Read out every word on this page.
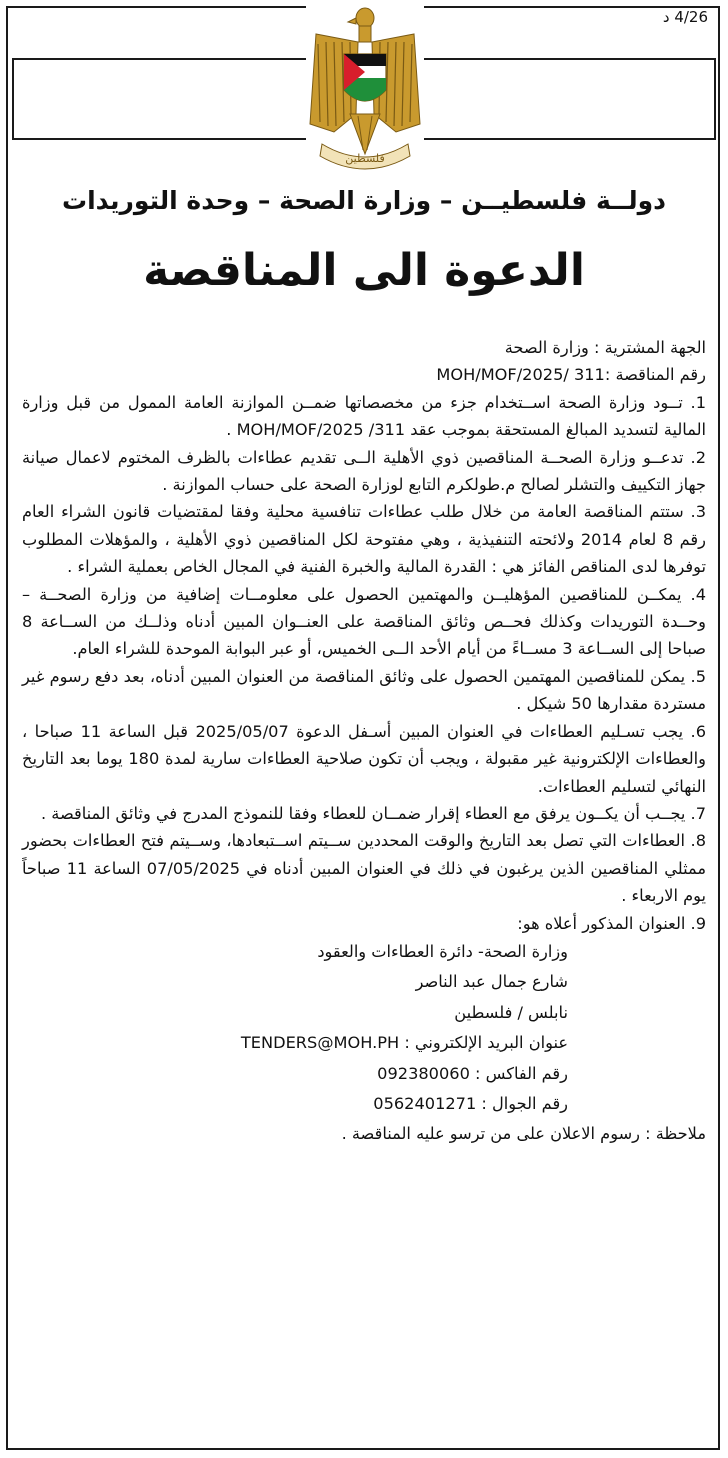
4/26 د
فلسطين
دولــة فلسطيــن – وزارة الصحة – وحدة التوريدات
الدعوة الى المناقصة

الجهة المشترية : وزارة الصحة

رقم المناقصة :MOH/MOF/2025/ 311

1. تــود وزارة الصحة اســتخدام جزء من مخصصاتها ضمــن الموازنة العامة الممول من قبل وزارة المالية لتسديد المبالغ المستحقة بموجب عقد 311/ MOH/MOF/2025 .

2. تدعــو وزارة الصحــة المناقصين ذوي الأهلية الــى تقديم عطاءات بالظرف المختوم لاعمال صيانة جهاز التكييف والتشلر لصالح م.طولكرم التابع لوزارة الصحة على حساب الموازنة .

3. ستتم المناقصة العامة من خلال طلب عطاءات تنافسية محلية وفقا لمقتضيات قانون الشراء العام رقم 8 لعام 2014 ولائحته التنفيذية ، وهي مفتوحة لكل المناقصين ذوي الأهلية ، والمؤهلات المطلوب توفرها لدى المناقص الفائز هي : القدرة المالية والخبرة الفنية في المجال الخاص بعملية الشراء .

4. يمكــن للمناقصين المؤهليــن والمهتمين الحصول على معلومــات إضافية من وزارة الصحــة – وحــدة التوريدات وكذلك فحــص وثائق المناقصة على العنــوان المبين أدناه وذلــك من الســاعة 8 صباحا إلى الســاعة 3 مســاءً من أيام الأحد الــى الخميس، أو عبر البوابة الموحدة للشراء العام.

5. يمكن للمناقصين المهتمين الحصول على وثائق المناقصة من العنوان المبين أدناه، بعد دفع رسوم غير مستردة مقدارها 50 شيكل .

6. يجب تسـليم العطاءات في العنوان المبين أسـفل الدعوة 2025/05/07 قبل الساعة 11 صباحا ، والعطاءات الإلكترونية غير مقبولة ، ويجب أن تكون صلاحية العطاءات سارية لمدة 180 يوما بعد التاريخ النهائي لتسليم العطاءات.

7. يجــب أن يكــون يرفق مع العطاء إقرار ضمــان للعطاء وفقا للنموذج المدرج في وثائق المناقصة .

8. العطاءات التي تصل بعد التاريخ والوقت المحددين ســيتم اســتبعادها، وســيتم فتح العطاءات بحضور ممثلي المناقصين الذين يرغبون في ذلك في العنوان المبين أدناه في 07/05/2025 الساعة 11 صباحاً يوم الاربعاء .

9. العنوان المذكور أعلاه هو:

وزارة الصحة- دائرة العطاءات والعقود

شارع جمال عبد الناصر

نابلس / فلسطين

عنوان البريد الإلكتروني : TENDERS@MOH.PH

رقم الفاكس : 092380060

رقم الجوال : 0562401271

ملاحظة : رسوم الاعلان على من ترسو عليه المناقصة .
